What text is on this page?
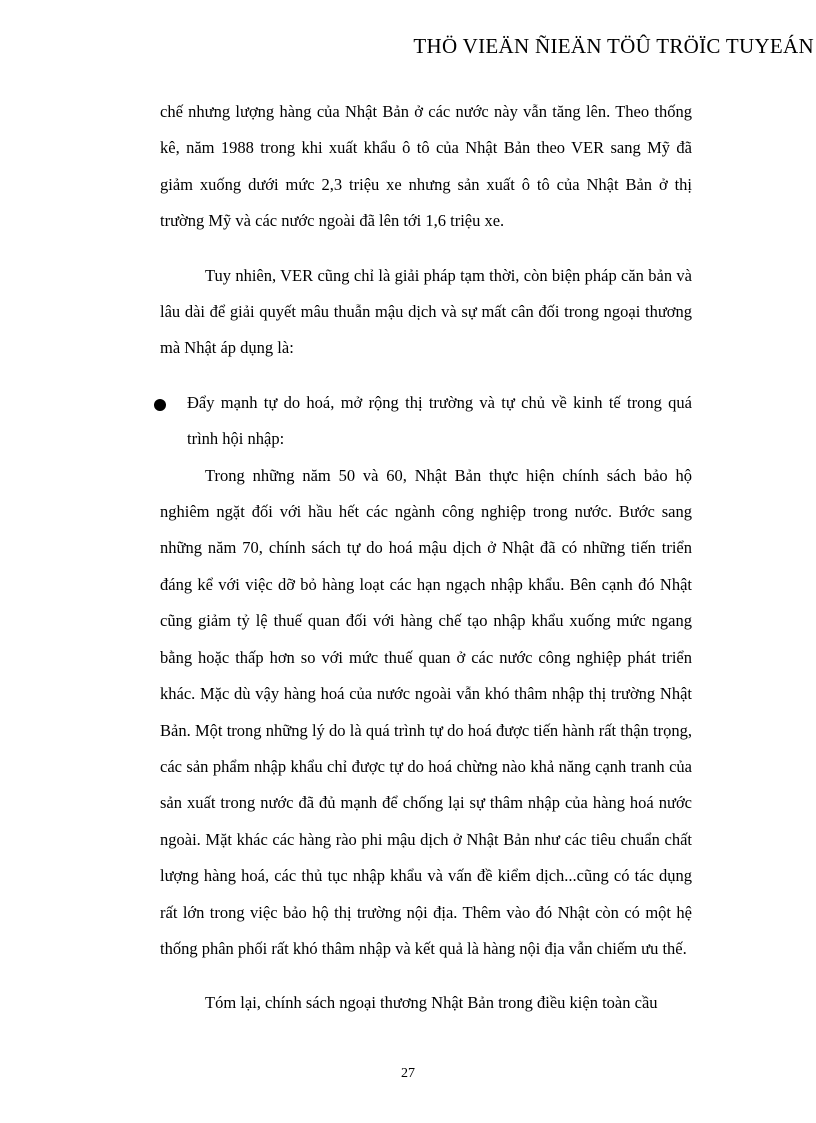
THÖ VIEÄN ÑIEÄN TÖÛ TRÖÏC TUYEÁN

chế nhưng lượng hàng của Nhật Bản ở các nước này vẫn tăng lên. Theo thống kê, năm 1988 trong khi xuất khẩu ô tô của Nhật Bản theo VER sang Mỹ đã giảm xuống dưới mức 2,3 triệu xe nhưng sản xuất ô tô của Nhật Bản ở thị trường Mỹ và các nước ngoài đã lên tới 1,6 triệu xe.

Tuy nhiên, VER cũng chỉ là giải pháp tạm thời, còn biện pháp căn bản và lâu dài để giải quyết mâu thuẫn mậu dịch và sự mất cân đối trong ngoại thương mà Nhật áp dụng là:

Đẩy mạnh tự do hoá, mở rộng thị trường và tự chủ về kinh tế trong quá trình hội nhập:

Trong những năm 50 và 60, Nhật Bản thực hiện chính sách bảo hộ nghiêm ngặt đối với hầu hết các ngành công nghiệp trong nước. Bước sang những năm 70, chính sách tự do hoá mậu dịch ở Nhật đã có những tiến triển đáng kể với việc dỡ bỏ hàng loạt các hạn ngạch nhập khẩu. Bên cạnh đó Nhật cũng giảm tỷ lệ thuế quan đối với hàng chế tạo nhập khẩu xuống mức ngang bằng hoặc thấp hơn so với mức thuế quan ở các nước công nghiệp phát triển khác. Mặc dù vậy hàng hoá của nước ngoài vẫn khó thâm nhập thị trường Nhật Bản. Một trong những lý do là quá trình tự do hoá được tiến hành rất thận trọng, các sản phẩm nhập khẩu chỉ được tự do hoá chừng nào khả năng cạnh tranh của sản xuất trong nước đã đủ mạnh để chống lại sự thâm nhập của hàng hoá nước ngoài. Mặt khác các hàng rào phi mậu dịch ở Nhật Bản như các tiêu chuẩn chất lượng hàng hoá, các thủ tục nhập khẩu và vấn đề kiểm dịch...cũng có tác dụng rất lớn trong việc bảo hộ thị trường nội địa. Thêm vào đó Nhật còn có một hệ thống phân phối rất khó thâm nhập và kết quả là hàng nội địa vẫn chiếm ưu thế.

Tóm lại, chính sách ngoại thương Nhật Bản trong điều kiện toàn cầu

27
